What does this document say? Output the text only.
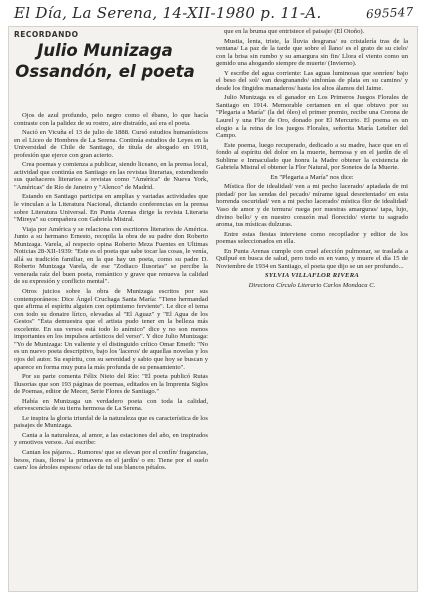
El Día, La Serena, 14-XII-1980 p. 11-A.	695547
RECORDANDO
Julio Munizaga Ossandón, el poeta

Ojos de azul profundo, pelo negro como el ébano, lo que hacía contraste con la palidez de su rostro, aire distraído, así era el poeta.

Nació en Vicuña el 13 de julio de 1888. Cursó estudios humanísticos en el Liceo de Hombres de La Serena. Continúa estudios de Leyes en la Universidad de Chile de Santiago, de títula de abogado en 1918, profesión que ejerce con gran acierto.

Crea poemas y comienza a publicar, siendo liceano, en la prensa local, actividad que continúa en Santiago en las revistas literarias, extendiendo sus quehaceres literarios a revistas como "América" de Nueva York, "Américas" de Río de Janeiro y "Alenco" de Madrid.

Estando en Santiago participa en amplias y variadas actividades que le vinculan a la Literatura Nacional, dictando conferencias en la prensa sobre Literatura Universal. En Punta Arenas dirige la revista Literaria "Mireya" su compañera con Gabriela Mistral.

Viaja por América y se relaciona con escritores literarios de América. Junto a su hermano Ernesto, recopila la obra de su padre don Roberto Munizaga. Varela, al respecto opina Roberto Meza Fuentes en Ultimas Noticias 28-XII-1939: "Este es el poeta que sabe tocar las cosas, le venía, allá su tradición familiar, en la que hay un poeta, como su padre D. Roberto Munizaga Varela, de ese "Zodiaco Ilusorias" se percibe la venerada raíz del buen poeta, romántico y grave que renueva la calidad de su expresión y conflicto mental".

Otros juicios sobre la obra de Munizaga escritos por sus contemporáneos: Dice Ángel Cruchaga Santa María: "Tiene hermandad que afirma el espíritu alguien con optimismo ferviente". Le dice el tema con todo su donaire lírico, elevadas al "El Aguaz" y "El Agua de los Gestos" "Ésta demuestra que el artista pudo tener en la belleza más excelente. En sus versos está todo lo anímico" dice y no son menos importantes en los impulsos artísticos del verso". Y dice Julio Munizaga: "Yo de Munizaga: Un valiente y el distinguido crítico Omar Emeth: "No es un nuevo poeta descriptivo, bajo los 'laceros' de aquellas novelas y los ojos del autor. Su espíritu, con su serenidad y sabio que hoy se buscan y aparece en forma muy pura la más profunda de su pensamiento".

Por su parte comenta Félix Nieto del Río: "El poeta publicó Rutas Ilusorias que son 193 páginas de poemas, editados en la Imprenta Siglos de Poemas, editor de Mecer, Serie Flores de Santiago."

Había en Munizaga un verdadero poeta con toda la calidad, efervescencia de su tierra hermosa de La Serena.

Le inspira la gloria triunfal de la naturaleza que es característica de los paisajes de Munizaga.

Canta a la naturaleza, al amor, a las estaciones del año, en inspirados y emotivos versos. Así escribe:

Cantan los pájaros... Rumores/ que se elevan por el confín/ fragancias, besos, risas, flores/ la primavera en el jardín/ o en: Tiene por el suelo caen/ los árboles espesos/ orlas de tul sus blancos pétalos.

que en la bruma que entristece el paisaje/ (El Otoño).

Mustia, lenta, triste, la lluvia desgrana/ su cristalería tras de la ventana/ La paz de la tarde que sobre el llano/ es el grato de su cielo/ con la brisa sin rumbo y su amargura sin fin/ Llora el viento como un gemido una ahogando siempre de muerte/ (Invierno).

Y escribe del agua corriente: Las aguas luminosas que sonríen/ bajo el beso del sol/ van desgranando/ sinfonías de plata en su camino/ y desde los fingidos manaderos/ hasta los altos álamos del Jaime.

Julio Munizaga es el ganador en Los Primeros Juegos Florales de Santiago en 1914. Memorable certamen en el que obtuvo por su "Plegaria a María" (la del óleo) el primer premio, recibe una Corona de Laurel y una Flor de Oro, donado por El Mercurio. El poema es un elogio a la reina de los juegos Florales, señorita María Letelier del Campo.

Este poema, luego recuperado, dedicado a su madre, hace que en el fondo al espíritu del dolor en la muerte, hermosa y en el jardín de el Sublime e Inmaculado que honra la Madre obtener la existencia de Gabriela Mistral el obtener la Flor Natural, por Sonetos de la Muerte.

En "Plegaria a María" nos dice:

Mística flor de idealidad/ ven a mi pecho lacerado/ apiadada de mi piedad/ por las sendas del pecado/ mírame igual desorientado/ en esta horrenda oscuridad/ ven a mi pecho lacerado/ mística flor de idealidad/ Vaso de amor y de ternura/ ruega por nuestras amarguras/ tapa, lujo, divino bello/ y en nuestro corazón mal florecido/ vierte tu sagrado aroma, tus místicas dulzuras.

Entre estas fiestas interviene como recopilador y editor de los poemas seleccionados en ella.

En Punta Arenas cumple con cruel afección pulmonar, se traslada a Quilpué en busca de salud, pero todo es en vano, y muere el día 15 de Noviembre de 1934 en Santiago, el poeta que dijo se un ser profundo...

SYLVIA VILLAFLOR RIVERA

Directora Círculo Literario Carlos Mondaca C.
